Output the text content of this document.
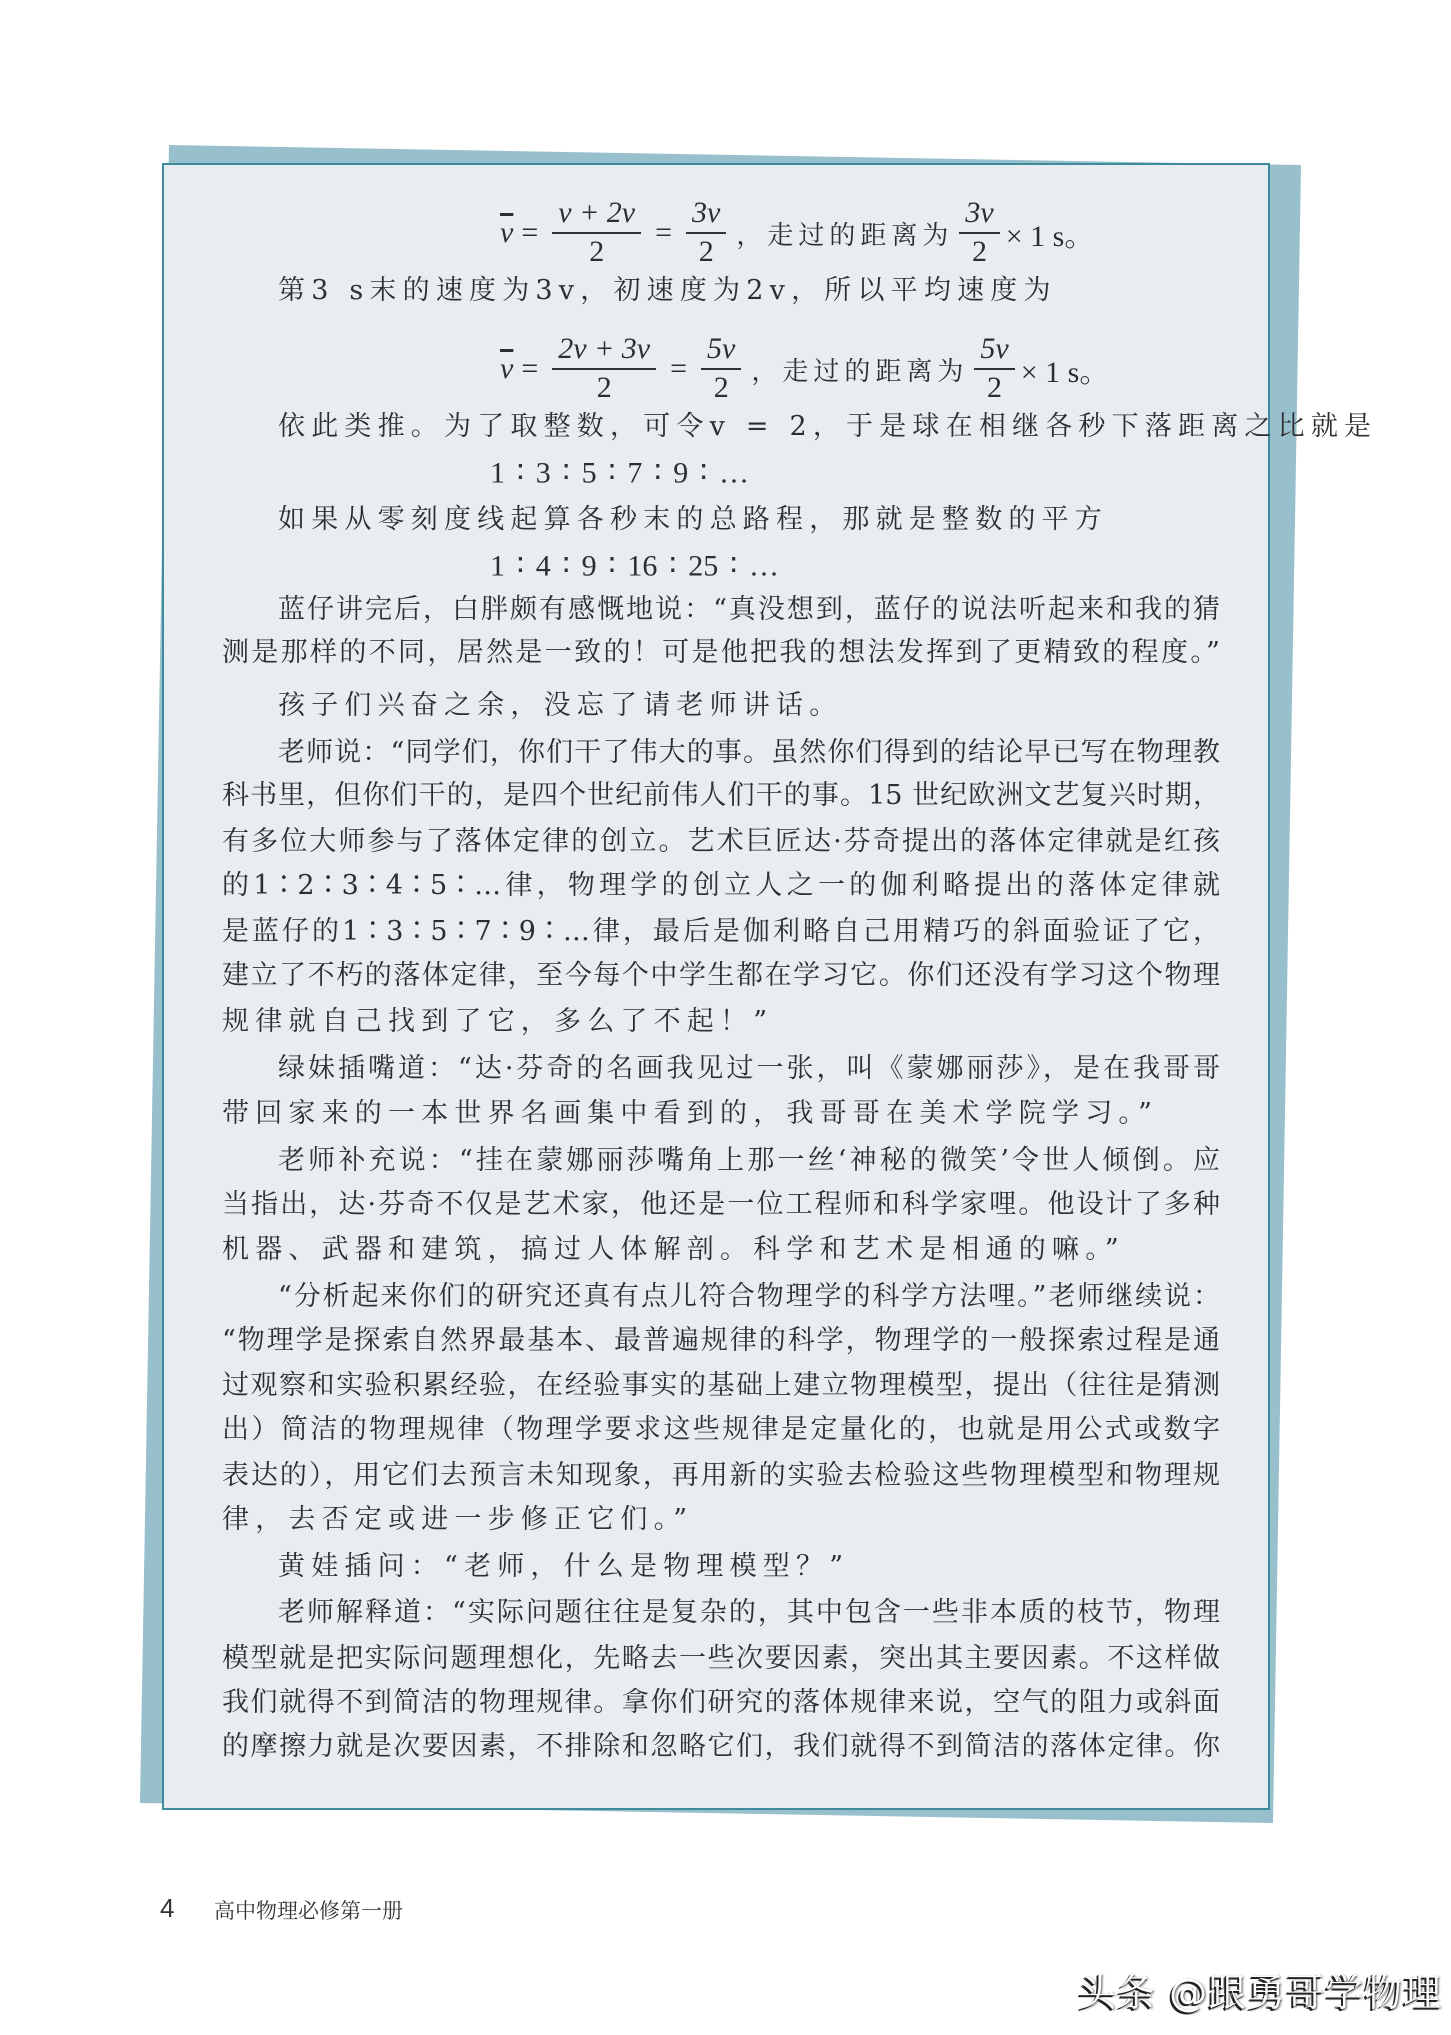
$\overline{v} = \frac{v + 2v}{2} = \frac{3v}{2}$ ，走过的距离为 $\frac{3v}{2} \times 1$ s。
第3 s末的速度为3v，初速度为2v，所以平均速度为
$\overline{v} = \frac{2v + 3v}{2} = \frac{5v}{2}$ ，走过的距离为 $\frac{5v}{2} \times 1$ s。
依此类推。为了取整数，可令v = 2，于是球在相继各秒下落距离之比就是
1 ∶ 3 ∶ 5 ∶ 7 ∶ 9 ∶ …
如果从零刻度线起算各秒末的总路程，那就是整数的平方
1 ∶ 4 ∶ 9 ∶ 16 ∶ 25 ∶ …
蓝仔讲完后，白胖颇有感慨地说：“真没想到，蓝仔的说法听起来和我的猜
测是那样的不同，居然是一致的！可是他把我的想法发挥到了更精致的程度。”
孩子们兴奋之余，没忘了请老师讲话。
老师说：“同学们，你们干了伟大的事。虽然你们得到的结论早已写在物理教
科书里，但你们干的，是四个世纪前伟人们干的事。15 世纪欧洲文艺复兴时期，
有多位大师参与了落体定律的创立。艺术巨匠达·芬奇提出的落体定律就是红孩
的1∶2∶3∶4∶5∶…律，物理学的创立人之一的伽利略提出的落体定律就
是蓝仔的1∶3∶5∶7∶9∶…律，最后是伽利略自己用精巧的斜面验证了它，
建立了不朽的落体定律，至今每个中学生都在学习它。你们还没有学习这个物理
规律就自己找到了它，多么了不起！”
绿妹插嘴道：“达·芬奇的名画我见过一张，叫《蒙娜丽莎》，是在我哥哥
带回家来的一本世界名画集中看到的，我哥哥在美术学院学习。”
老师补充说：“挂在蒙娜丽莎嘴角上那一丝‘神秘的微笑’令世人倾倒。应
当指出，达·芬奇不仅是艺术家，他还是一位工程师和科学家哩。他设计了多种
机器、武器和建筑，搞过人体解剖。科学和艺术是相通的嘛。”
“分析起来你们的研究还真有点儿符合物理学的科学方法哩。”老师继续说：
“物理学是探索自然界最基本、最普遍规律的科学，物理学的一般探索过程是通
过观察和实验积累经验，在经验事实的基础上建立物理模型，提出（往往是猜测
出）简洁的物理规律（物理学要求这些规律是定量化的，也就是用公式或数字
表达的），用它们去预言未知现象，再用新的实验去检验这些物理模型和物理规
律，去否定或进一步修正它们。”
黄娃插问：“老师，什么是物理模型？”
老师解释道：“实际问题往往是复杂的，其中包含一些非本质的枝节，物理
模型就是把实际问题理想化，先略去一些次要因素，突出其主要因素。不这样做
我们就得不到简洁的物理规律。拿你们研究的落体规律来说，空气的阻力或斜面
的摩擦力就是次要因素，不排除和忽略它们，我们就得不到简洁的落体定律。你
4 高中物理必修第一册
头条 @跟勇哥学物理
